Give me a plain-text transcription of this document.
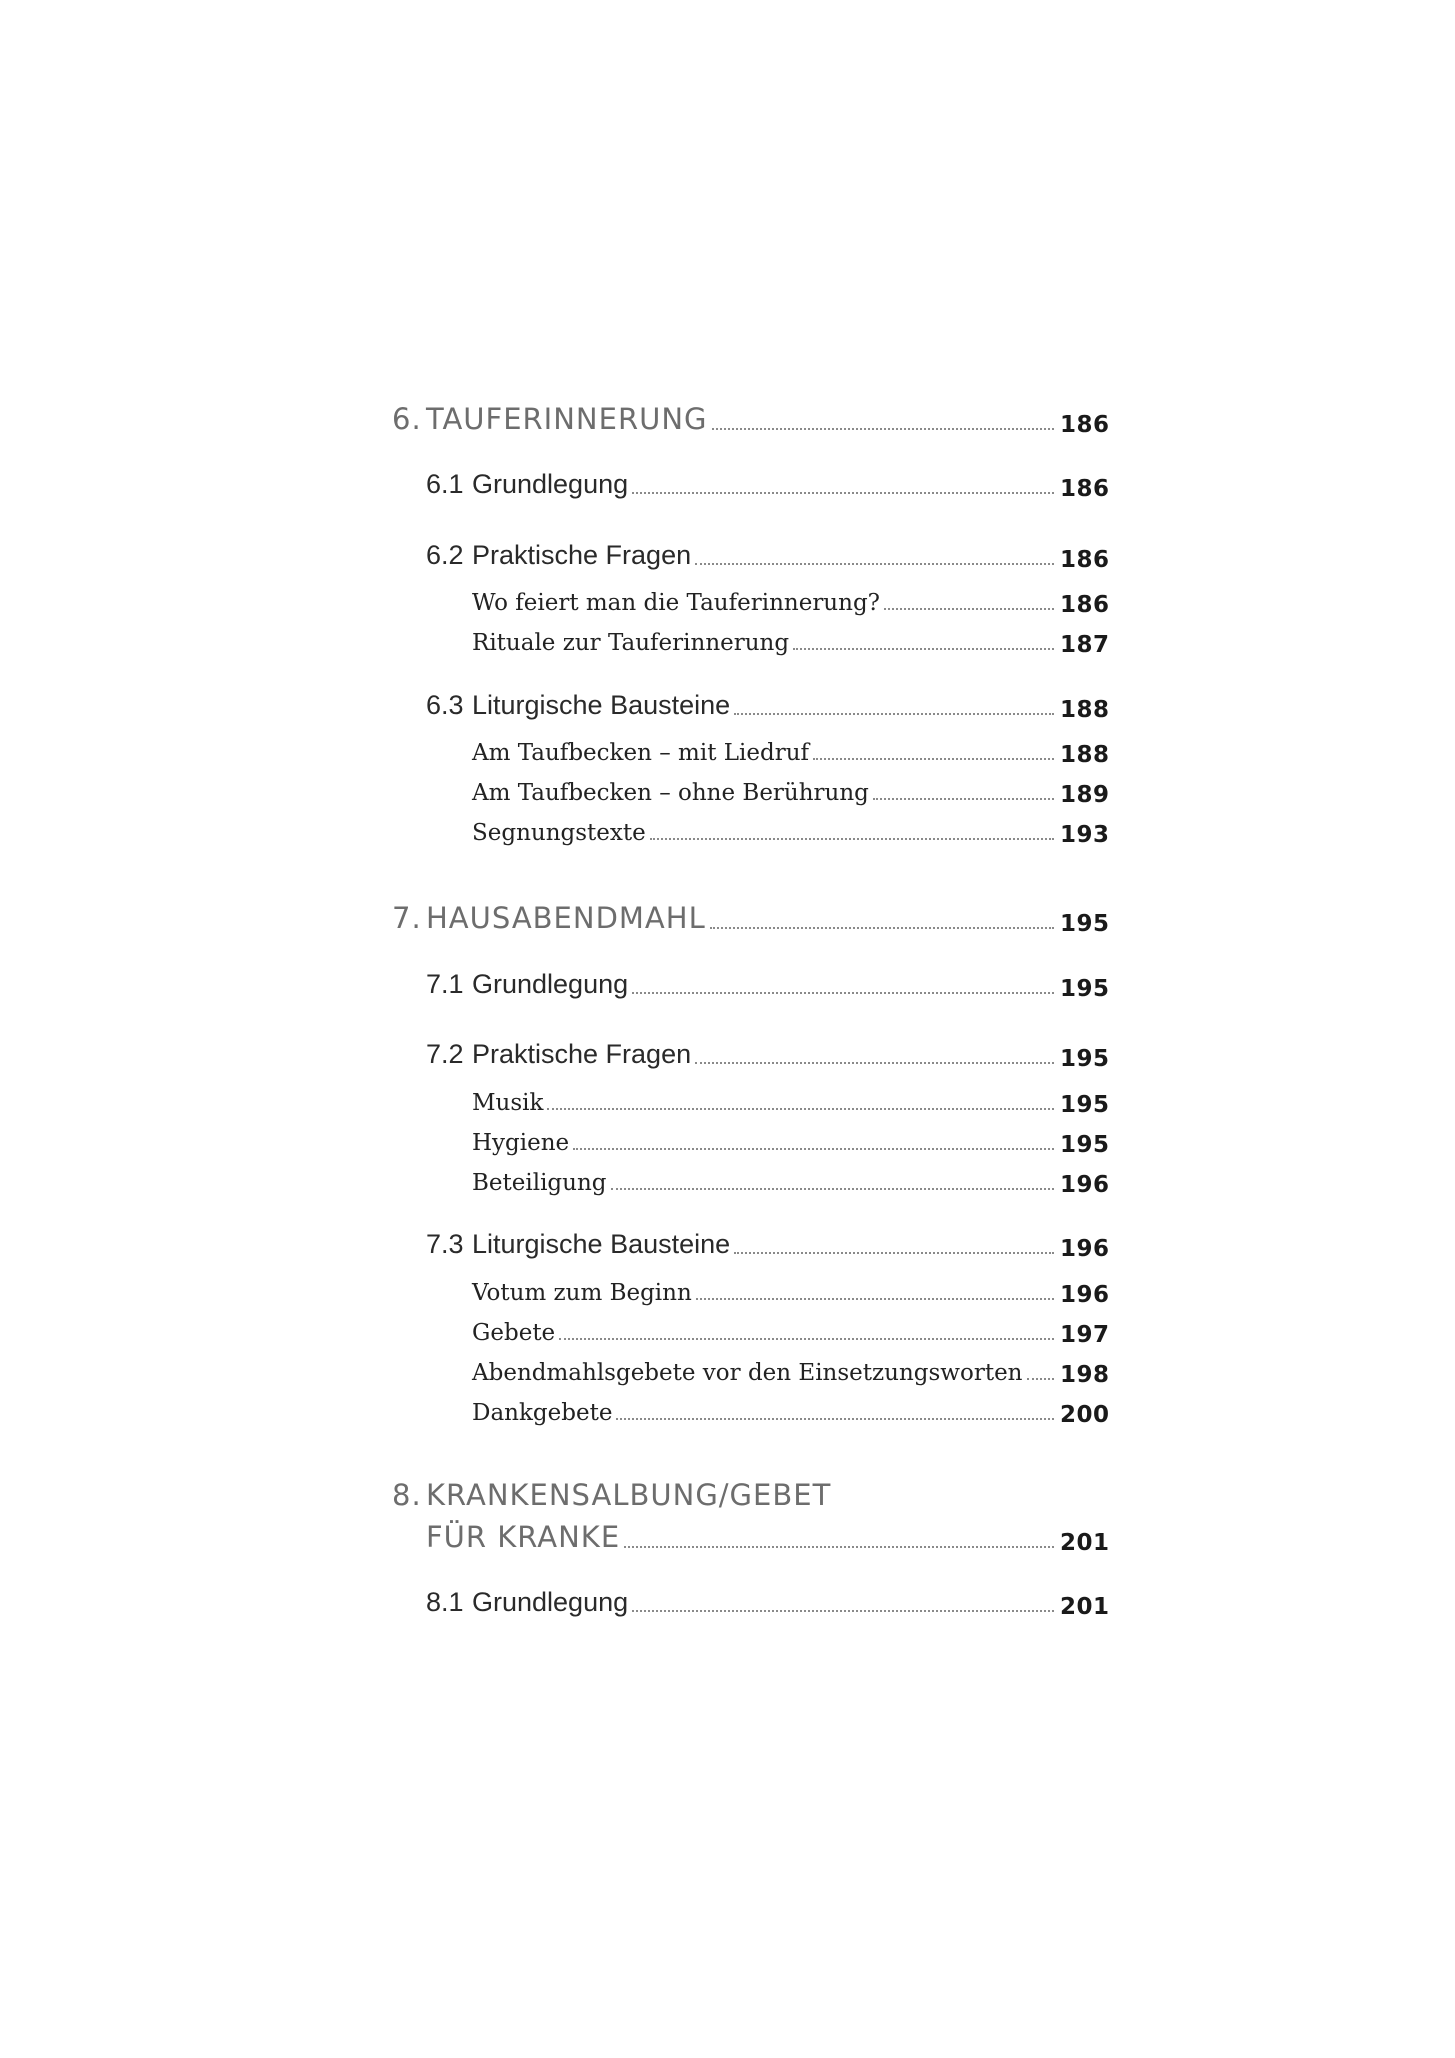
6. TAUFERINNERUNG	186
6.1 Grundlegung	186
6.2 Praktische Fragen	186
Wo feiert man die Tauferinnerung?	186
Rituale zur Tauferinnerung	187
6.3 Liturgische Bausteine	188
Am Taufbecken – mit Liedruf	188
Am Taufbecken – ohne Berührung	189
Segnungstexte	193
7. HAUSABENDMAHL	195
7.1 Grundlegung	195
7.2 Praktische Fragen	195
Musik	195
Hygiene	195
Beteiligung	196
7.3 Liturgische Bausteine	196
Votum zum Beginn	196
Gebete	197
Abendmahlsgebete vor den Einsetzungsworten 198
Dankgebete	200
8. KRANKENSALBUNG/GEBET
FÜR KRANKE	201
8.1 Grundlegung	201
